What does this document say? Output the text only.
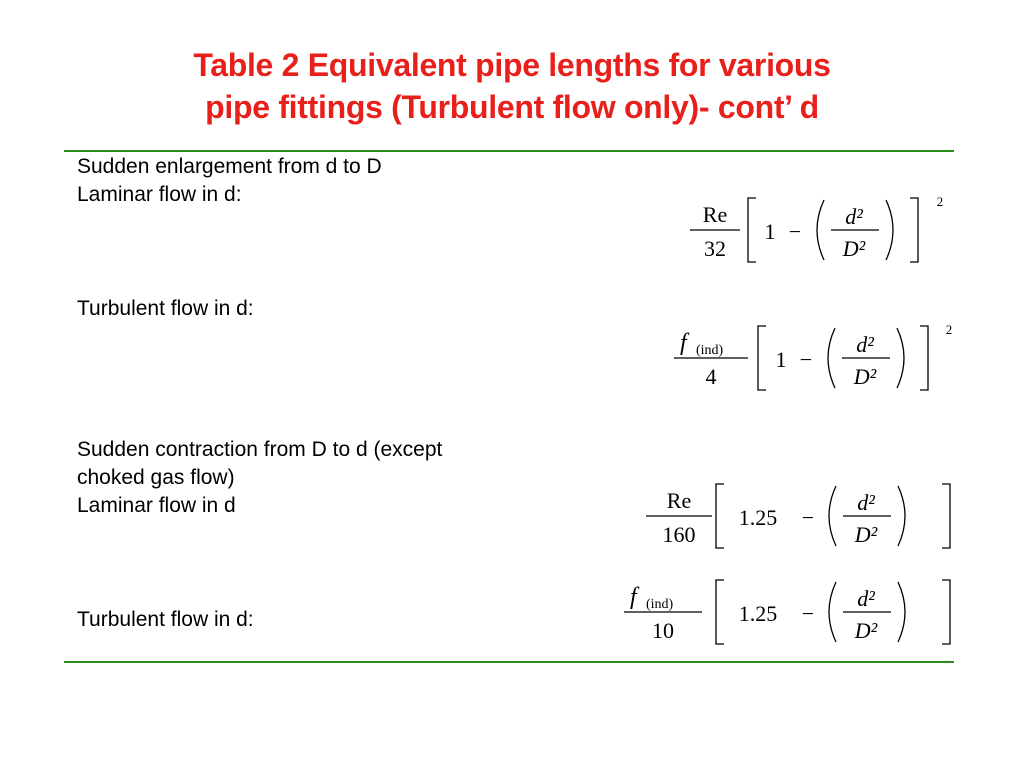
Table 2 Equivalent pipe lengths for various
pipe fittings (Turbulent flow only)- cont’ d
Sudden enlargement from d to D
Laminar flow in d:
Re
32
1 −
d²
D²
2
Turbulent flow in d:
f (ind)
4
1 −
d²
D²
2
Sudden contraction from D to d (except
choked gas flow)
Laminar flow in d	Re
160
1.25 −
d²
D²
Turbulent flow in d:
f (ind)
10
1.25 −
d²
D²
